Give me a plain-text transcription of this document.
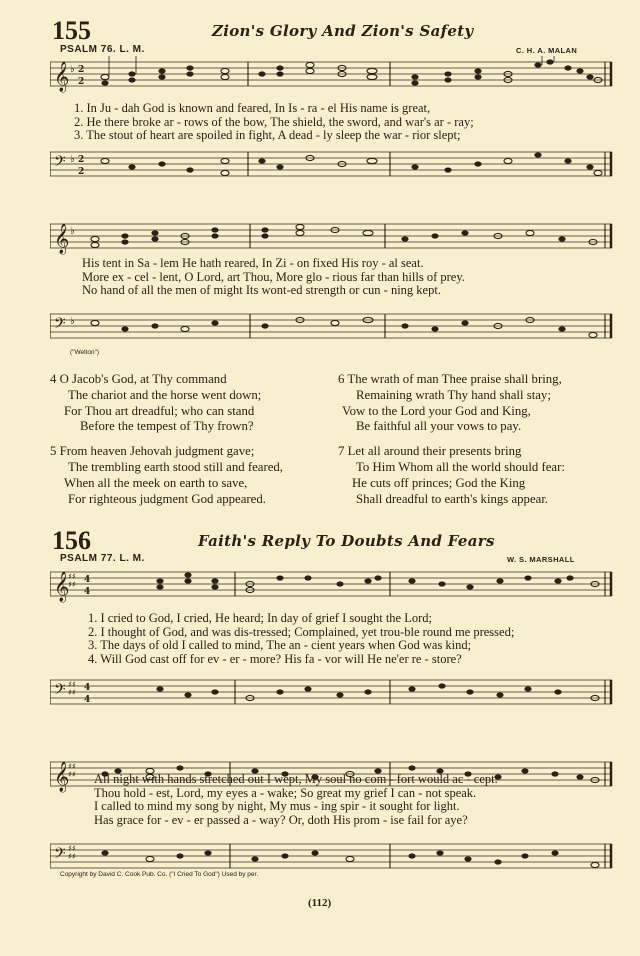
155	Zion's Glory And Zion's Safety
PSALM 76. L. M.	C. H. A. MALAN
𝄞 ♭ 2
2
𝄢 ♭ 2
2
1. In Ju - dah God is known and feared, In Is - ra - el His name is great,
2. He there broke ar - rows of the bow, The shield, the sword, and war's ar - ray;
3. The stout of heart are spoiled in fight, A dead - ly sleep the war - rior slept;
𝄞 ♭
𝄢 ♭
His tent in Sa - lem He hath reared, In Zi - on fixed His roy - al seat.
More ex - cel - lent, O Lord, art Thou, More glo - rious far than hills of prey.
No hand of all the men of might Its wont-ed strength or cun - ning kept.
("Welton")
4 O Jacob's God, at Thy command
The chariot and the horse went down;
For Thou art dreadful; who can stand
Before the tempest of Thy frown?
5 From heaven Jehovah judgment gave;
The trembling earth stood still and feared,
When all the meek on earth to save,
For righteous judgment God appeared.
6 The wrath of man Thee praise shall bring,
Remaining wrath Thy hand shall stay;
Vow to the Lord your God and King,
Be faithful all your vows to pay.
7 Let all around their presents bring
To Him Whom all the world should fear:
He cuts off princes; God the King
Shall dreadful to earth's kings appear.
156	Faith's Reply To Doubts And Fears
PSALM 77. L. M.	W. S. MARSHALL
𝄞
♯♯
♯♯ 4
4
𝄢 ♯♯
♯♯ 4
4
1. I cried to God, I cried, He heard; In day of grief I sought the Lord;
2. I thought of God, and was dis-tressed; Complained, yet trou-ble round me pressed;
3. The days of old I called to mind, The an - cient years when God was kind;
4. Will God cast off for ev - er - more? His fa - vor will He ne'er re - store?
𝄞
♯♯
♯♯
𝄢 ♯♯
♯♯
All night with hands stretched out I wept, My soul no com - fort would ac - cept.
Thou hold - est, Lord, my eyes a - wake; So great my grief I can - not speak.
I called to mind my song by night, My mus - ing spir - it sought for light.
Has grace for - ev - er passed a - way? Or, doth His prom - ise fail for aye?
Copyright by David C. Cook Pub. Co. ("I Cried To God") Used by per.
(112)
